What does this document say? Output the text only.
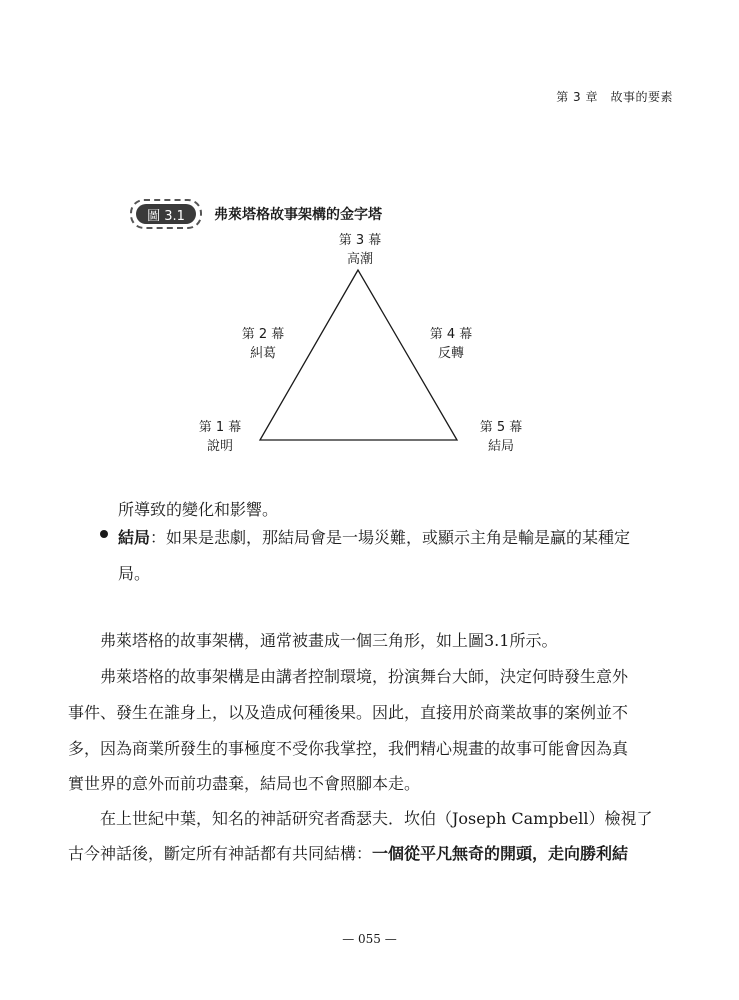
第 3 章　故事的要素
圖 3.1	弗萊塔格故事架構的金字塔
第 3 幕
高潮
第 2 幕
糾葛
第 4 幕
反轉
第 1 幕
說明
第 5 幕
結局
所導致的變化和影響。
結局：如果是悲劇，那結局會是一場災難，或顯示主角是輸是贏的某種定
局。
弗萊塔格的故事架構，通常被畫成一個三角形，如上圖3.1所示。
弗萊塔格的故事架構是由講者控制環境，扮演舞台大師，決定何時發生意外
事件、發生在誰身上，以及造成何種後果。因此，直接用於商業故事的案例並不
多，因為商業所發生的事極度不受你我掌控，我們精心規畫的故事可能會因為真
實世界的意外而前功盡棄，結局也不會照腳本走。
在上世紀中葉，知名的神話研究者喬瑟夫．坎伯（Joseph Campbell）檢視了
古今神話後，斷定所有神話都有共同結構：一個從平凡無奇的開頭，走向勝利結
— 055 —
